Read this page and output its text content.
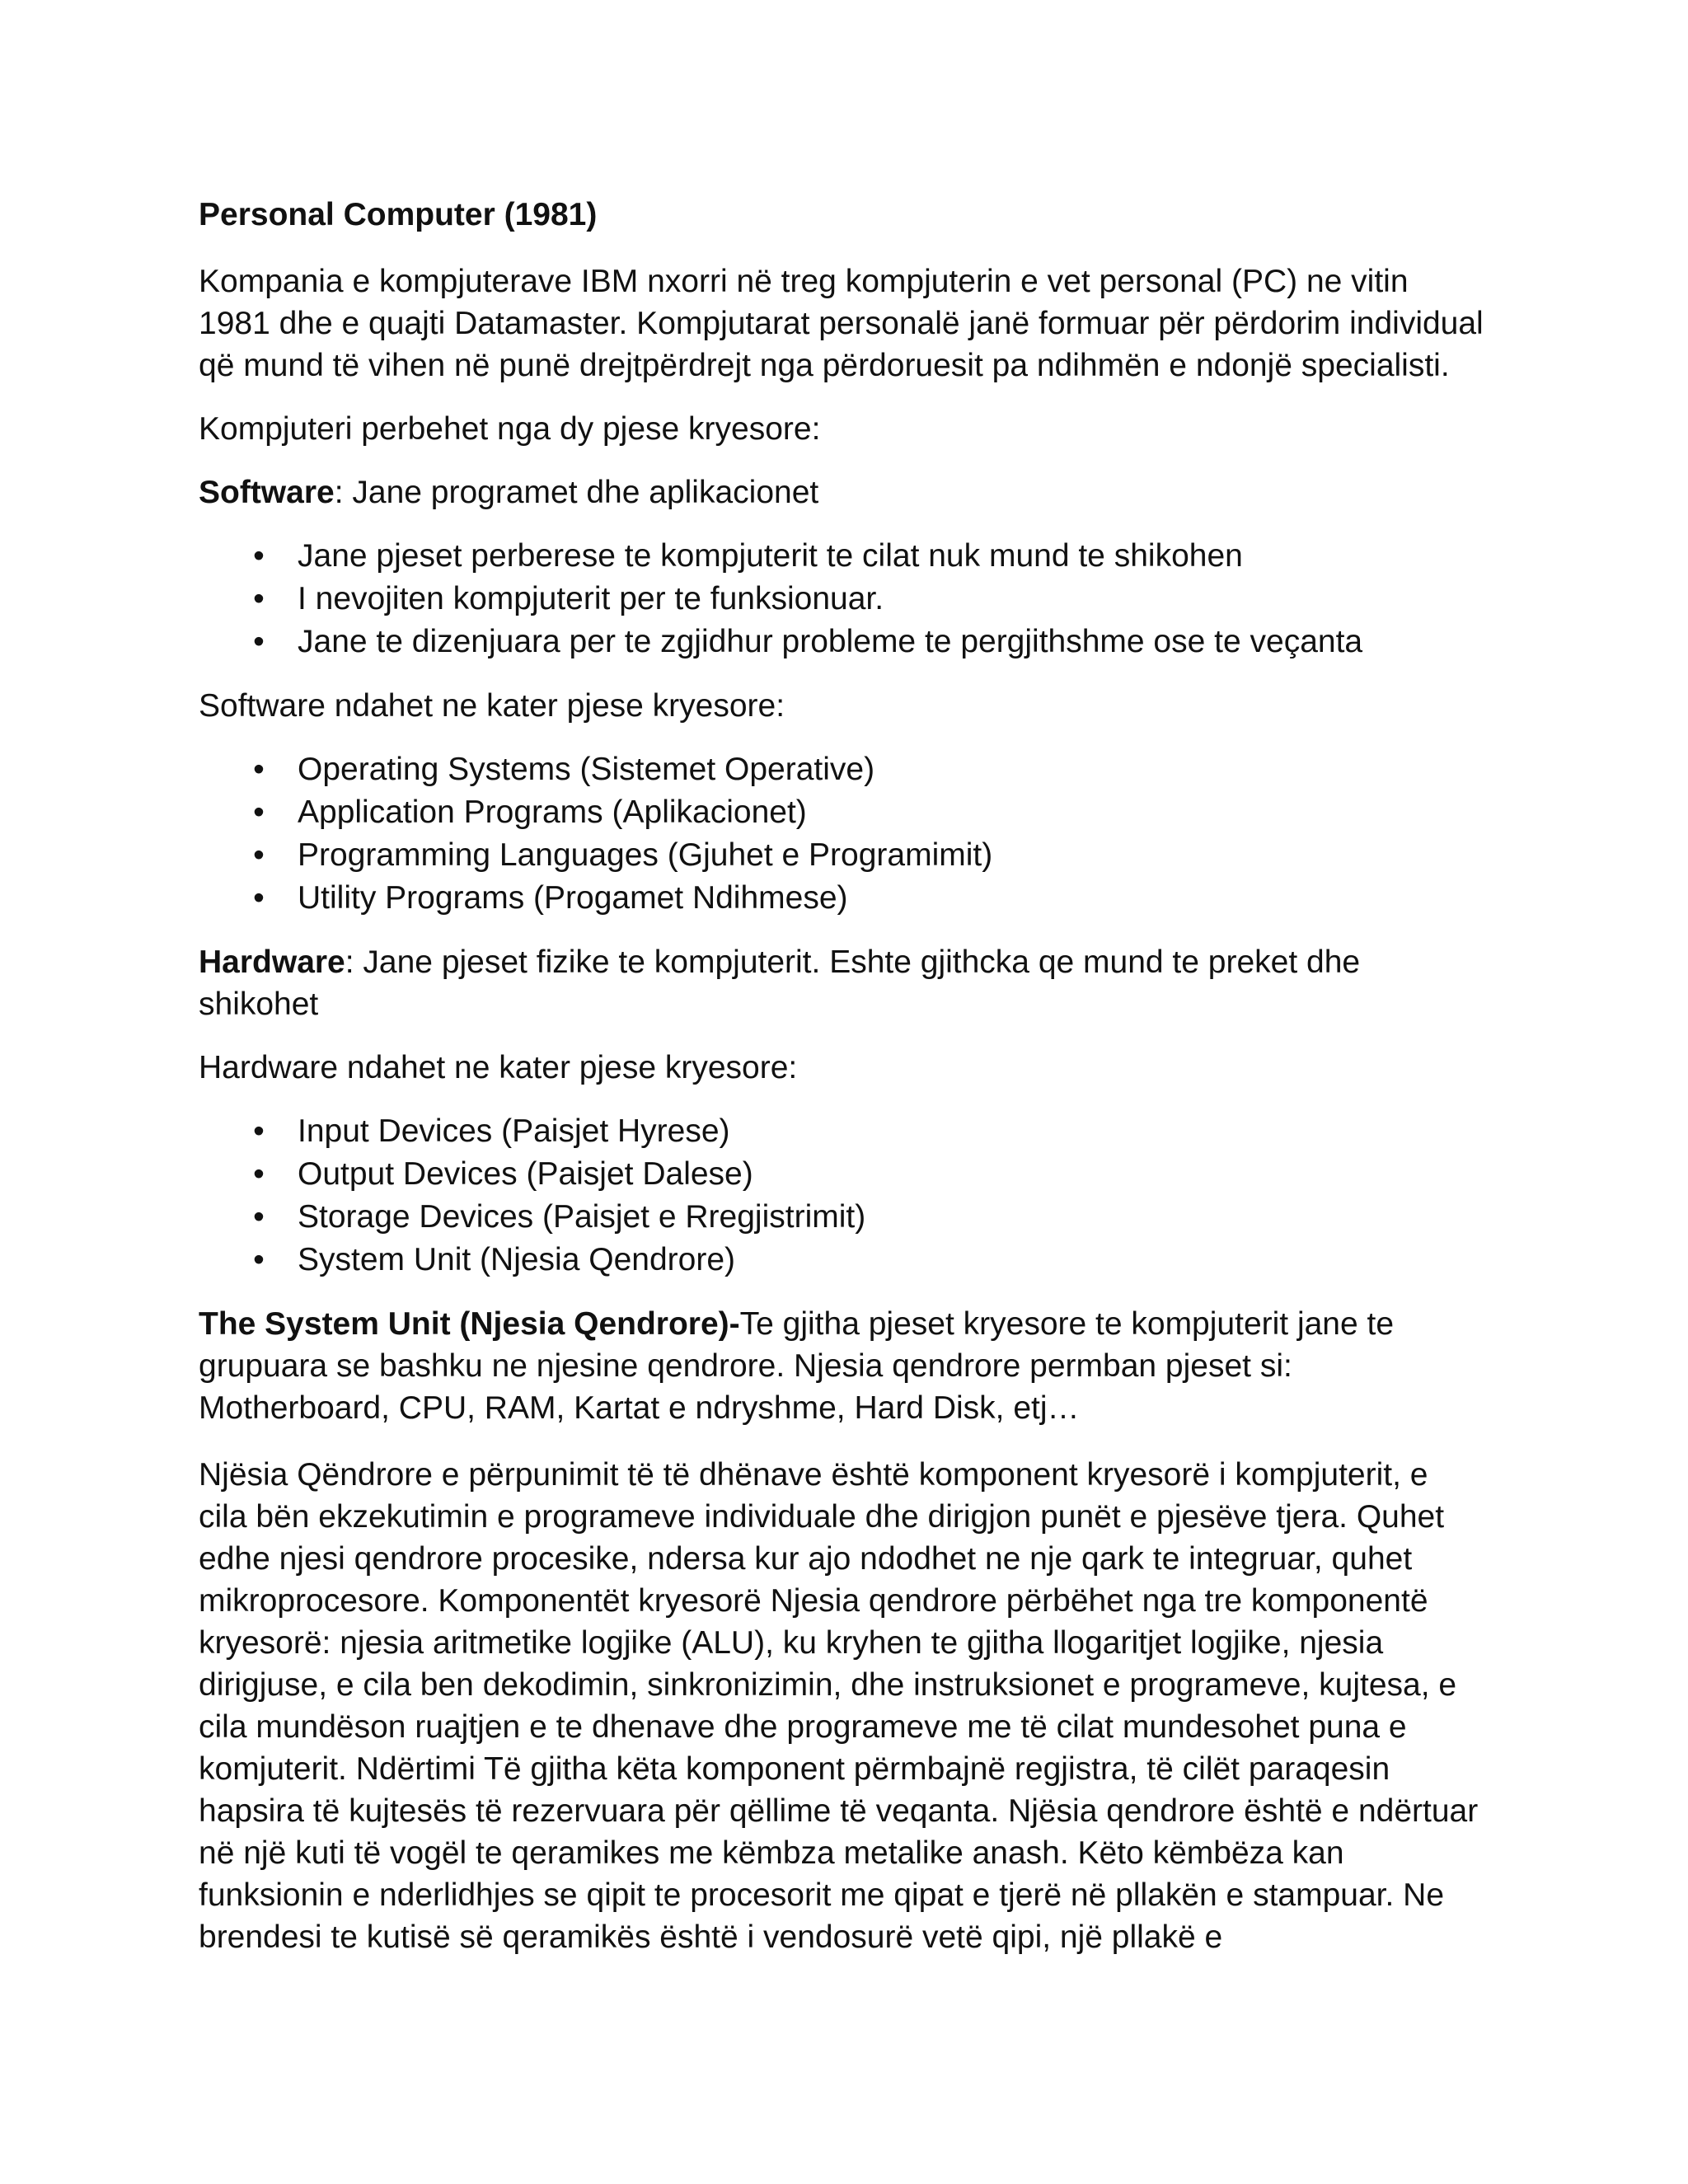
Personal Computer (1981)

Kompania e kompjuterave IBM nxorri në treg kompjuterin e vet personal (PC) ne vitin 1981 dhe e quajti Datamaster. Kompjutarat personalë janë formuar për përdorim individual që mund të vihen në punë drejtpërdrejt nga përdoruesit pa ndihmën e ndonjë specialisti.

Kompjuteri perbehet nga dy pjese kryesore:

Software: Jane programet dhe aplikacionet

• Jane pjeset perberese te kompjuterit te cilat nuk mund te shikohen
• I nevojiten kompjuterit per te funksionuar.
• Jane te dizenjuara per te zgjidhur probleme te pergjithshme ose te veçanta

Software ndahet ne kater pjese kryesore:

• Operating Systems (Sistemet Operative)
• Application Programs (Aplikacionet)
• Programming Languages (Gjuhet e Programimit)
• Utility Programs (Progamet Ndihmese)

Hardware: Jane pjeset fizike te kompjuterit. Eshte gjithcka qe mund te preket dhe shikohet

Hardware ndahet ne kater pjese kryesore:

• Input Devices (Paisjet Hyrese)
• Output Devices (Paisjet Dalese)
• Storage Devices (Paisjet e Rregjistrimit)
• System Unit (Njesia Qendrore)

The System Unit (Njesia Qendrore)-Te gjitha pjeset kryesore te kompjuterit jane te grupuara se bashku ne njesine qendrore. Njesia qendrore permban pjeset si: Motherboard, CPU, RAM, Kartat e ndryshme, Hard Disk, etj…

Njësia Qëndrore e përpunimit të të dhënave është komponent kryesorë i kompjuterit, e cila bën ekzekutimin e programeve individuale dhe dirigjon punët e pjesëve tjera. Quhet edhe njesi qendrore procesike, ndersa kur ajo ndodhet ne nje qark te integruar, quhet mikroprocesore. Komponentët kryesorë Njesia qendrore përbëhet nga tre komponentë kryesorë: njesia aritmetike logjike (ALU), ku kryhen te gjitha llogaritjet logjike, njesia dirigjuse, e cila ben dekodimin, sinkronizimin, dhe instruksionet e programeve, kujtesa, e cila mundëson ruajtjen e te dhenave dhe programeve me të cilat mundesohet puna e komjuterit. Ndërtimi Të gjitha këta komponent përmbajnë regjistra, të cilët paraqesin hapsira të kujtesës të rezervuara për qëllime të veqanta. Njësia qendrore është e ndërtuar në një kuti të vogël te qeramikes me këmbza metalike anash. Këto këmbëza kan funksionin e nderlidhjes se qipit te procesorit me qipat e tjerë në pllakën e stampuar. Ne brendesi te kutisë së qeramikës është i vendosurë vetë qipi, një pllakë e
